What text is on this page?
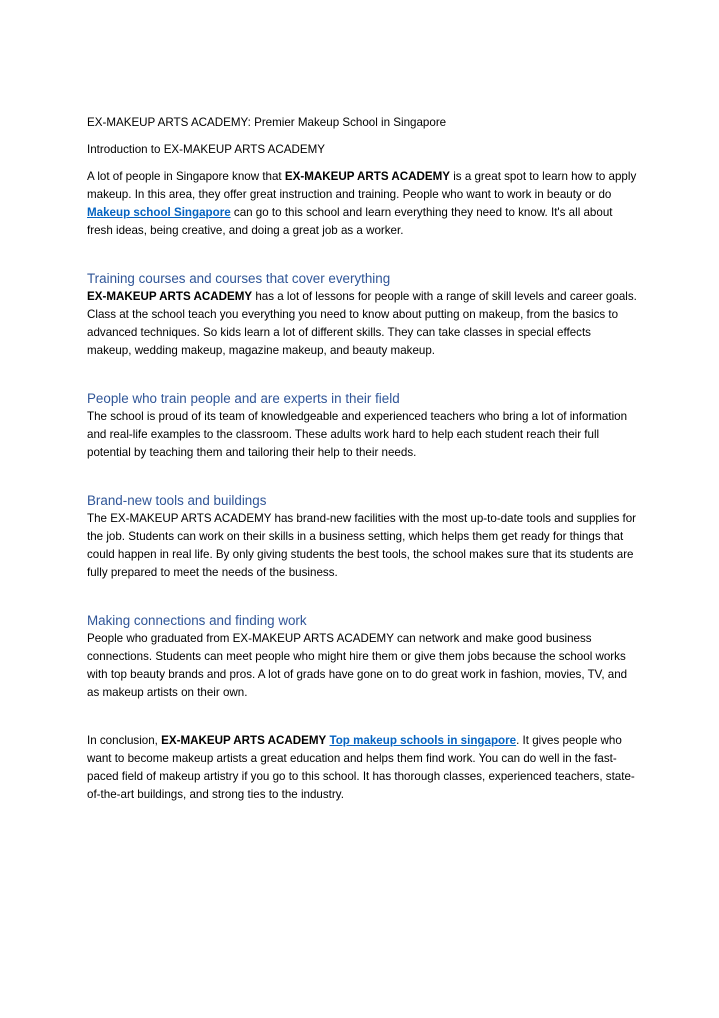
EX-MAKEUP ARTS ACADEMY: Premier Makeup School in Singapore

Introduction to EX-MAKEUP ARTS ACADEMY

A lot of people in Singapore know that EX-MAKEUP ARTS ACADEMY is a great spot to learn how to apply makeup. In this area, they offer great instruction and training. People who want to work in beauty or do Makeup school Singapore can go to this school and learn everything they need to know. It's all about fresh ideas, being creative, and doing a great job as a worker.

Training courses and courses that cover everything

EX-MAKEUP ARTS ACADEMY has a lot of lessons for people with a range of skill levels and career goals. Class at the school teach you everything you need to know about putting on makeup, from the basics to advanced techniques. So kids learn a lot of different skills. They can take classes in special effects makeup, wedding makeup, magazine makeup, and beauty makeup.

People who train people and are experts in their field

The school is proud of its team of knowledgeable and experienced teachers who bring a lot of information and real-life examples to the classroom. These adults work hard to help each student reach their full potential by teaching them and tailoring their help to their needs.

Brand-new tools and buildings

The EX-MAKEUP ARTS ACADEMY has brand-new facilities with the most up-to-date tools and supplies for the job. Students can work on their skills in a business setting, which helps them get ready for things that could happen in real life. By only giving students the best tools, the school makes sure that its students are fully prepared to meet the needs of the business.

Making connections and finding work

People who graduated from EX-MAKEUP ARTS ACADEMY can network and make good business connections. Students can meet people who might hire them or give them jobs because the school works with top beauty brands and pros. A lot of grads have gone on to do great work in fashion, movies, TV, and as makeup artists on their own.

In conclusion, EX-MAKEUP ARTS ACADEMY Top makeup schools in singapore. It gives people who want to become makeup artists a great education and helps them find work. You can do well in the fast-paced field of makeup artistry if you go to this school. It has thorough classes, experienced teachers, state-of-the-art buildings, and strong ties to the industry.
